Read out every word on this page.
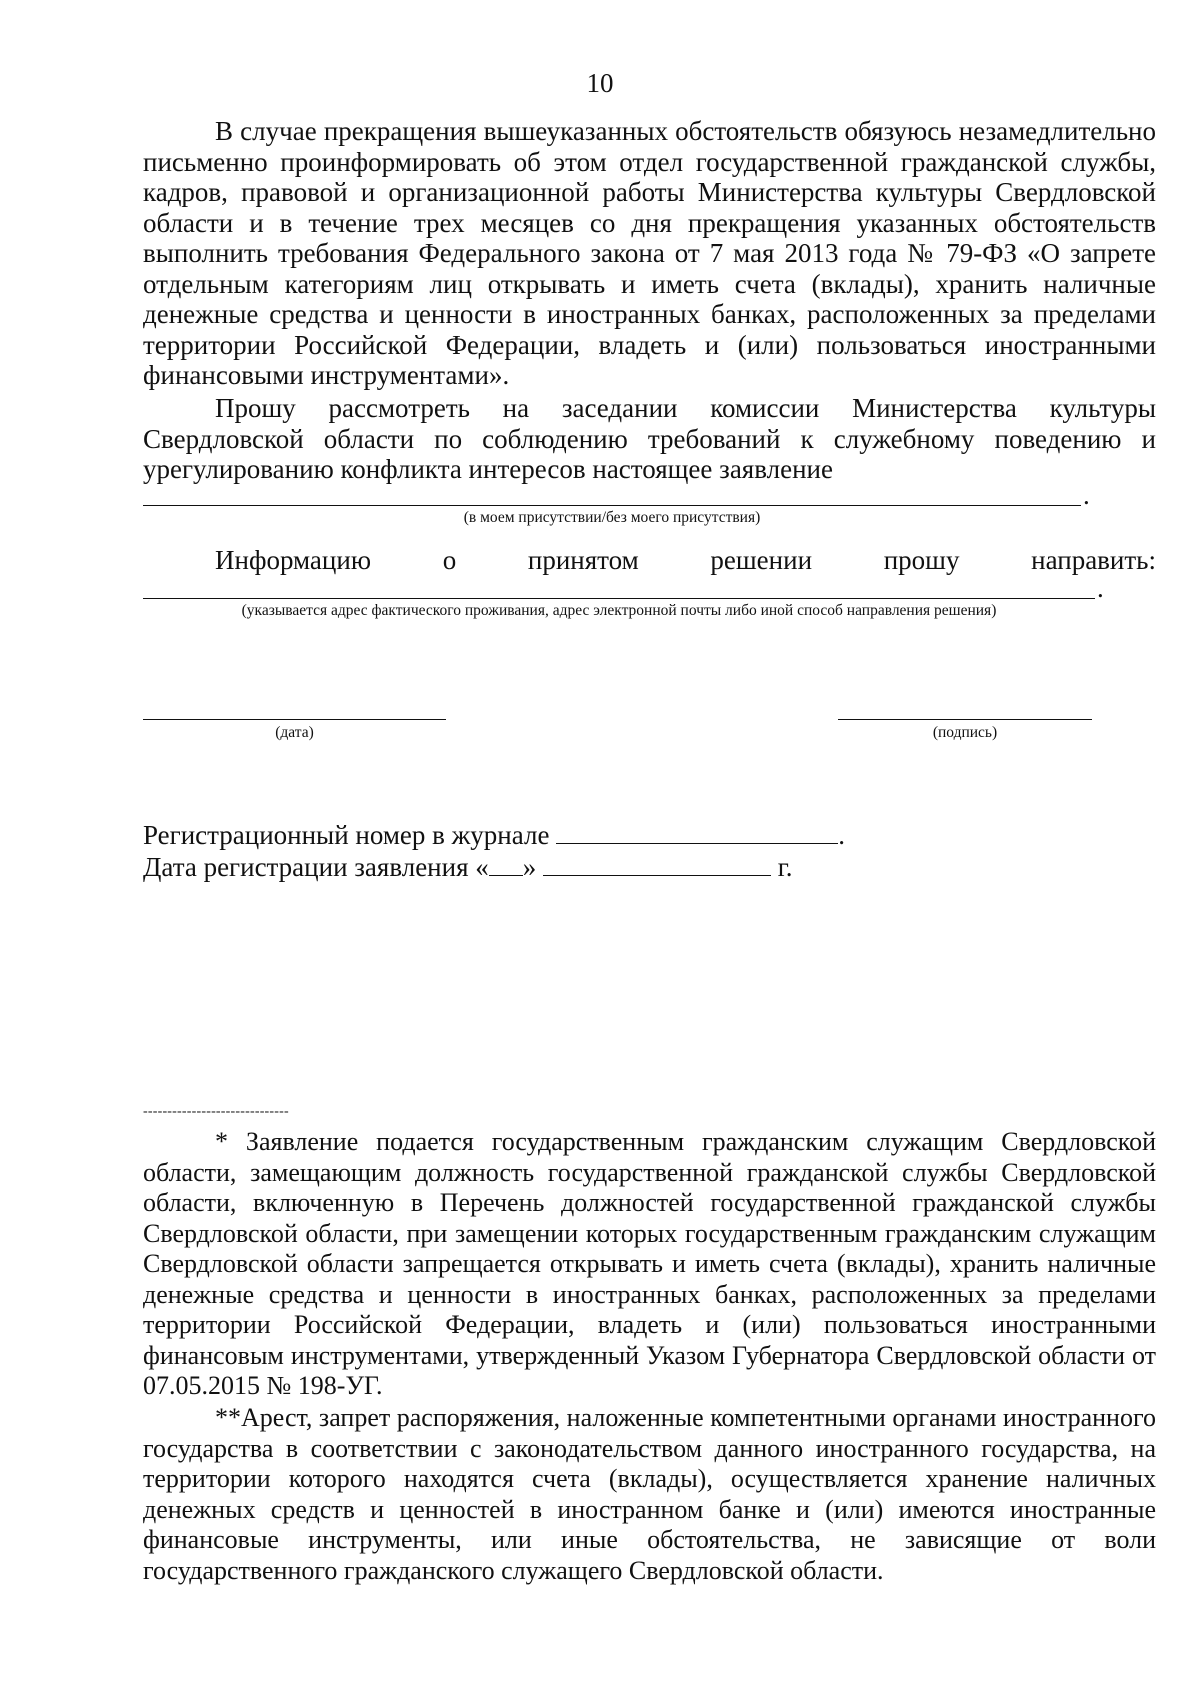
10
В случае прекращения вышеуказанных обстоятельств обязуюсь незамедлительно письменно проинформировать об этом отдел государственной гражданской службы, кадров, правовой и организационной работы Министерства культуры Свердловской области и в течение трех месяцев со дня прекращения указанных обстоятельств выполнить требования Федерального закона от 7 мая 2013 года № 79-ФЗ «О запрете отдельным категориям лиц открывать и иметь счета (вклады), хранить наличные денежные средства и ценности в иностранных банках, расположенных за пределами территории Российской Федерации, владеть и (или) пользоваться иностранными финансовыми инструментами».
Прошу рассмотреть на заседании комиссии Министерства культуры Свердловской области по соблюдению требований к служебному поведению и урегулированию конфликта интересов настоящее заявление
.
(в моем присутствии/без моего присутствия)
Информацию	о	принятом	решении	прошу	направить:
.
(указывается адрес фактического проживания, адрес электронной почты либо иной способ направления решения)
(дата)	(подпись)
Регистрационный номер в журнале	.
Дата регистрации заявления « »	г.
------------------------------
* Заявление подается государственным гражданским служащим Свердловской области, замещающим должность государственной гражданской службы Свердловской области, включенную в Перечень должностей государственной гражданской службы Свердловской области, при замещении которых государственным гражданским служащим Свердловской области запрещается открывать и иметь счета (вклады), хранить наличные денежные средства и ценности в иностранных банках, расположенных за пределами территории Российской Федерации, владеть и (или) пользоваться иностранными финансовым инструментами, утвержденный Указом Губернатора Свердловской области от 07.05.2015 № 198-УГ.
**Арест, запрет распоряжения, наложенные компетентными органами иностранного государства в соответствии с законодательством данного иностранного государства, на территории которого находятся счета (вклады), осуществляется хранение наличных денежных средств и ценностей в иностранном банке и (или) имеются иностранные финансовые инструменты, или иные обстоятельства, не зависящие от воли государственного гражданского служащего Свердловской области.
